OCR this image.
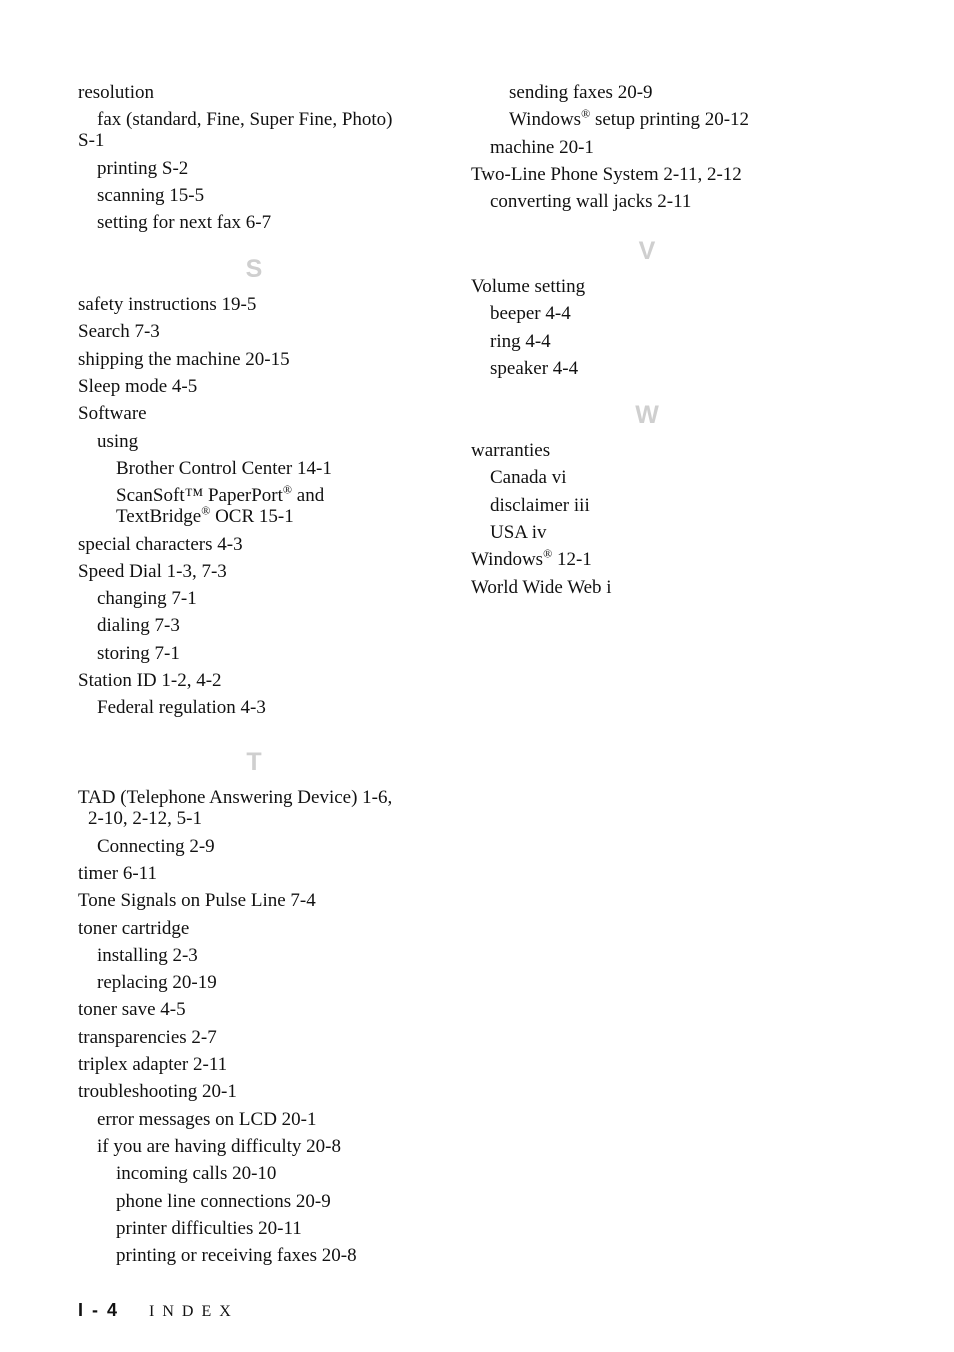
resolution
fax (standard, Fine, Super Fine, Photo)
S-1
printing S-2
scanning 15-5
setting for next fax 6-7
S
safety instructions 19-5
Search 7-3
shipping the machine 20-15
Sleep mode 4-5
Software
using
Brother Control Center 14-1
ScanSoft™ PaperPort® and
TextBridge® OCR 15-1
special characters 4-3
Speed Dial 1-3, 7-3
changing 7-1
dialing 7-3
storing 7-1
Station ID 1-2, 4-2
Federal regulation 4-3
T
TAD (Telephone Answering Device) 1-6,
2-10, 2-12, 5-1
Connecting 2-9
timer 6-11
Tone Signals on Pulse Line 7-4
toner cartridge
installing 2-3
replacing 20-19
toner save 4-5
transparencies 2-7
triplex adapter 2-11
troubleshooting 20-1
error messages on LCD 20-1
if you are having difficulty 20-8
incoming calls 20-10
phone line connections 20-9
printer difficulties 20-11
printing or receiving faxes 20-8
sending faxes 20-9
Windows® setup printing 20-12
machine 20-1
Two-Line Phone System 2-11, 2-12
converting wall jacks 2-11
V
Volume setting
beeper 4-4
ring 4-4
speaker 4-4
W
warranties
Canada vi
disclaimer iii
USA iv
Windows® 12-1
World Wide Web i
I - 4 INDEX
